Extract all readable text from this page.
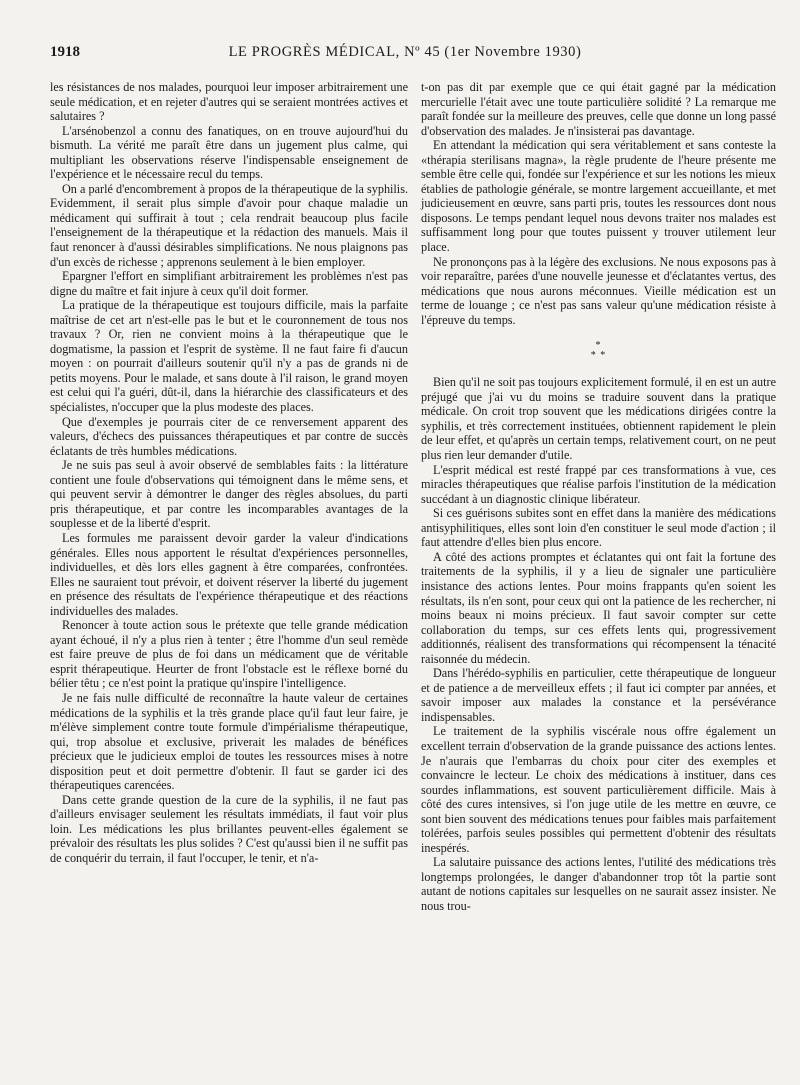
1918	LE PROGRÈS MÉDICAL, Nº 45 (1er Novembre 1930)

les résistances de nos malades, pourquoi leur imposer arbitrairement une seule médication, et en rejeter d'autres qui se seraient montrées actives et salutaires ?

L'arsénobenzol a connu des fanatiques, on en trouve aujourd'hui du bismuth. La vérité me paraît être dans un jugement plus calme, qui multipliant les observations réserve l'indispensable enseignement de l'expérience et le nécessaire recul du temps.

On a parlé d'encombrement à propos de la thérapeutique de la syphilis. Evidemment, il serait plus simple d'avoir pour chaque maladie un médicament qui suffirait à tout ; cela rendrait beaucoup plus facile l'enseignement de la thérapeutique et la rédaction des manuels. Mais il faut renoncer à d'aussi désirables simplifications. Ne nous plaignons pas d'un excès de richesse ; apprenons seulement à le bien employer.

Epargner l'effort en simplifiant arbitrairement les problèmes n'est pas digne du maître et fait injure à ceux qu'il doit former.

La pratique de la thérapeutique est toujours difficile, mais la parfaite maîtrise de cet art n'est-elle pas le but et le couronnement de tous nos travaux ? Or, rien ne convient moins à la thérapeutique que le dogmatisme, la passion et l'esprit de système. Il ne faut faire fi d'aucun moyen : on pourrait d'ailleurs soutenir qu'il n'y a pas de grands ni de petits moyens. Pour le malade, et sans doute à l'il raison, le grand moyen est celui qui l'a guéri, dût-il, dans la hiérarchie des classificateurs et des spécialistes, n'occuper que la plus modeste des places.

Que d'exemples je pourrais citer de ce renversement apparent des valeurs, d'échecs des puissances thérapeutiques et par contre de succès éclatants de très humbles médications.

Je ne suis pas seul à avoir observé de semblables faits : la littérature contient une foule d'observations qui témoignent dans le même sens, et qui peuvent servir à démontrer le danger des règles absolues, du parti pris thérapeutique, et par contre les incomparables avantages de la souplesse et de la liberté d'esprit.

Les formules me paraissent devoir garder la valeur d'indications générales. Elles nous apportent le résultat d'expériences personnelles, individuelles, et dès lors elles gagnent à être comparées, confrontées. Elles ne sauraient tout prévoir, et doivent réserver la liberté du jugement en présence des résultats de l'expérience thérapeutique et des réactions individuelles des malades.

Renoncer à toute action sous le prétexte que telle grande médication ayant échoué, il n'y a plus rien à tenter ; être l'homme d'un seul remède est faire preuve de plus de foi dans un médicament que de véritable esprit thérapeutique. Heurter de front l'obstacle est le réflexe borné du bélier têtu ; ce n'est point la pratique qu'inspire l'intelligence.

Je ne fais nulle difficulté de reconnaître la haute valeur de certaines médications de la syphilis et la très grande place qu'il faut leur faire, je m'élève simplement contre toute formule d'impérialisme thérapeutique, qui, trop absolue et exclusive, priverait les malades de bénéfices précieux que le judicieux emploi de toutes les ressources mises à notre disposition peut et doit permettre d'obtenir. Il faut se garder ici des thérapeutiques carencées.

Dans cette grande question de la cure de la syphilis, il ne faut pas d'ailleurs envisager seulement les résultats immédiats, il faut voir plus loin. Les médications les plus brillantes peuvent-elles également se prévaloir des résultats les plus solides ? C'est qu'aussi bien il ne suffit pas de conquérir du terrain, il faut l'occuper, le tenir, et n'a-

t-on pas dit par exemple que ce qui était gagné par la médication mercurielle l'était avec une toute particulière solidité ? La remarque me paraît fondée sur la meilleure des preuves, celle que donne un long passé d'observation des malades. Je n'insisterai pas davantage.

En attendant la médication qui sera véritablement et sans conteste la «thérapia sterilisans magna», la règle prudente de l'heure présente me semble être celle qui, fondée sur l'expérience et sur les notions les mieux établies de pathologie générale, se montre largement accueillante, et met judicieusement en œuvre, sans parti pris, toutes les ressources dont nous disposons. Le temps pendant lequel nous devons traiter nos malades est suffisamment long pour que toutes puissent y trouver utilement leur place.

Ne prononçons pas à la légère des exclusions. Ne nous exposons pas à voir reparaître, parées d'une nouvelle jeunesse et d'éclatantes vertus, des médications que nous aurons méconnues. Vieille médication est un terme de louange ; ce n'est pas sans valeur qu'une médication résiste à l'épreuve du temps.

*
* *

Bien qu'il ne soit pas toujours explicitement formulé, il en est un autre préjugé que j'ai vu du moins se traduire souvent dans la pratique médicale. On croit trop souvent que les médications dirigées contre la syphilis, et très correctement instituées, obtiennent rapidement le plein de leur effet, et qu'après un certain temps, relativement court, on ne peut plus rien leur demander d'utile.

L'esprit médical est resté frappé par ces transformations à vue, ces miracles thérapeutiques que réalise parfois l'institution de la médication succédant à un diagnostic clinique libérateur.

Si ces guérisons subites sont en effet dans la manière des médications antisyphilitiques, elles sont loin d'en constituer le seul mode d'action ; il faut attendre d'elles bien plus encore.

A côté des actions promptes et éclatantes qui ont fait la fortune des traitements de la syphilis, il y a lieu de signaler une particulière insistance des actions lentes. Pour moins frappants qu'en soient les résultats, ils n'en sont, pour ceux qui ont la patience de les rechercher, ni moins beaux ni moins précieux. Il faut savoir compter sur cette collaboration du temps, sur ces effets lents qui, progressivement additionnés, réalisent des transformations qui récompensent la ténacité raisonnée du médecin.

Dans l'hérédo-syphilis en particulier, cette thérapeutique de longueur et de patience a de merveilleux effets ; il faut ici compter par années, et savoir imposer aux malades la constance et la persévérance indispensables.

Le traitement de la syphilis viscérale nous offre également un excellent terrain d'observation de la grande puissance des actions lentes. Je n'aurais que l'embarras du choix pour citer des exemples et convaincre le lecteur. Le choix des médications à instituer, dans ces sourdes inflammations, est souvent particulièrement difficile. Mais à côté des cures intensives, si l'on juge utile de les mettre en œuvre, ce sont bien souvent des médications tenues pour faibles mais parfaitement tolérées, parfois seules possibles qui permettent d'obtenir des résultats inespérés.

La salutaire puissance des actions lentes, l'utilité des médications très longtemps prolongées, le danger d'abandonner trop tôt la partie sont autant de notions capitales sur lesquelles on ne saurait assez insister. Ne nous trou-
